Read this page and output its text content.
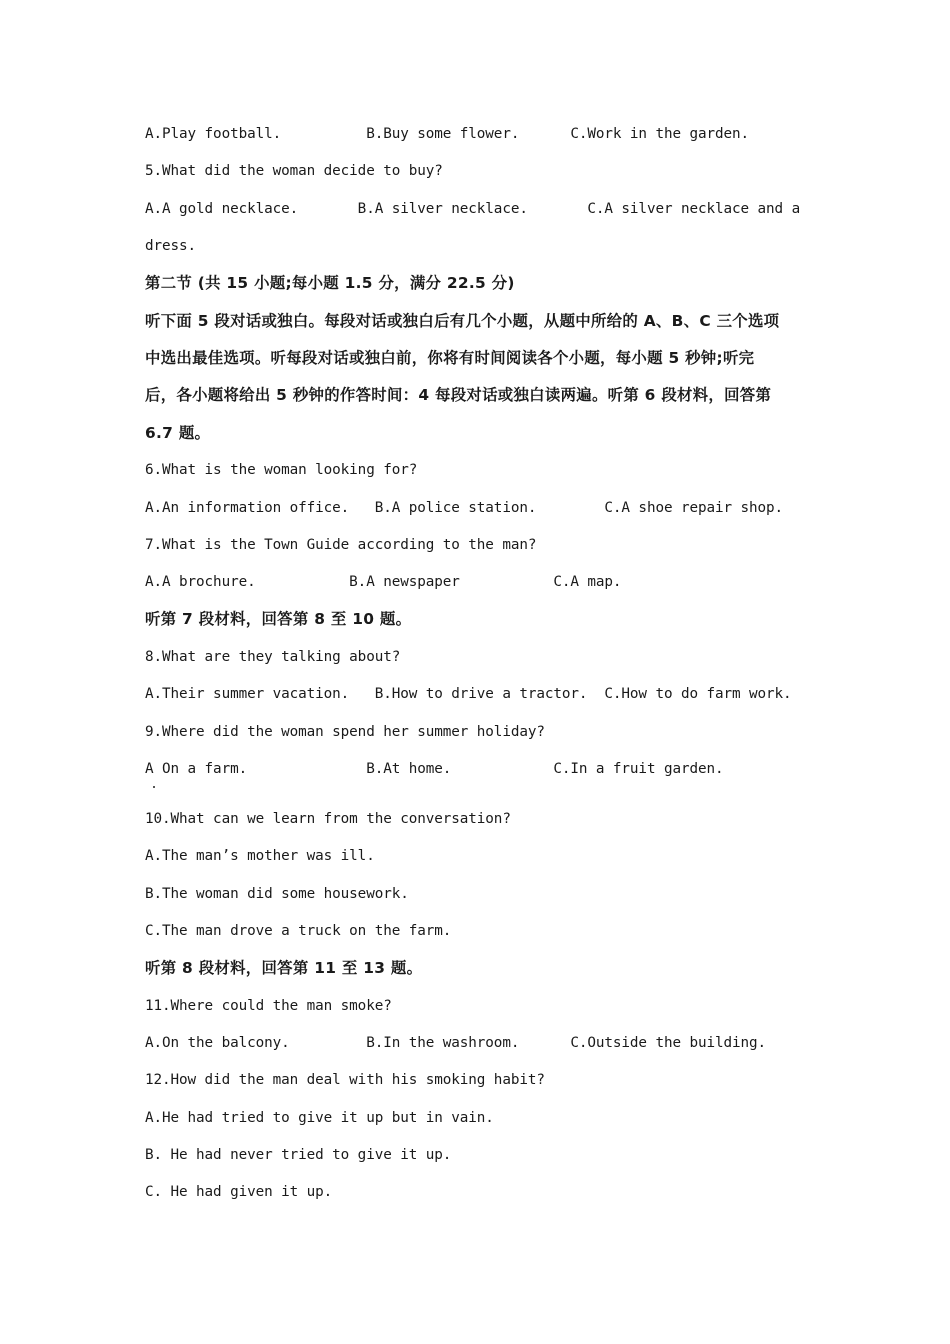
A.Play football.          B.Buy some flower.      C.Work in the garden.
5.What did the woman decide to buy?
A.A gold necklace.       B.A silver necklace.       C.A silver necklace and a
dress.
第二节 (共 15 小题;每小题 1.5 分，满分 22.5 分)
听下面 5 段对话或独白。每段对话或独白后有几个小题，从题中所给的 A、B、C 三个选项
中选出最佳选项。听每段对话或独白前，你将有时间阅读各个小题，每小题 5 秒钟;听完
后，各小题将给出 5 秒钟的作答时间：4 每段对话或独白读两遍。听第 6 段材料，回答第
6.7 题。
6.What is the woman looking for?
A.An information office.   B.A police station.        C.A shoe repair shop.
7.What is the Town Guide according to the man?
A.A brochure.           B.A newspaper           C.A map.
听第 7 段材料，回答第 8 至 10 题。
8.What are they talking about?
A.Their summer vacation.   B.How to drive a tractor.  C.How to do farm work.
9.Where did the woman spend her summer holiday?
A On a farm.              B.At home.            C.In a fruit garden.
10.What can we learn from the conversation?
A.The man’s mother was ill.
B.The woman did some housework.
C.The man drove a truck on the farm.
听第 8 段材料，回答第 11 至 13 题。
11.Where could the man smoke?
A.On the balcony.         B.In the washroom.      C.Outside the building.
12.How did the man deal with his smoking habit?
A.He had tried to give it up but in vain.
B. He had never tried to give it up.
C. He had given it up.
